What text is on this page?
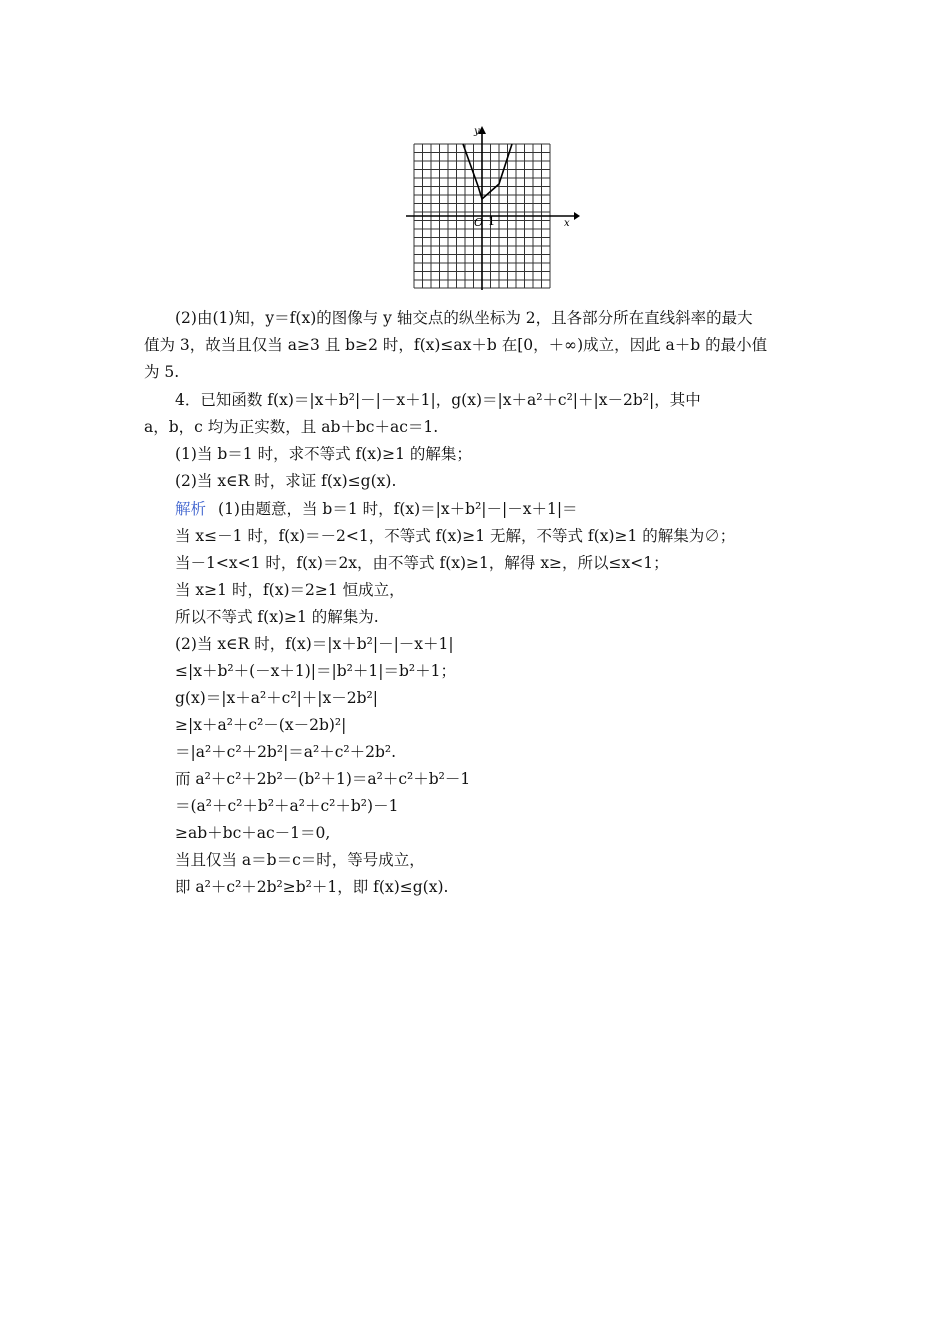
y
x
O 1
(2)由(1)知，y＝f(x)的图像与 y 轴交点的纵坐标为 2，且各部分所在直线斜率的最大
值为 3，故当且仅当 a≥3 且 b≥2 时，f(x)≤ax＋b 在[0，＋∞)成立，因此 a＋b 的最小值
为 5.
4．已知函数 f(x)＝|x＋b²|－|－x＋1|，g(x)＝|x＋a²＋c²|＋|x－2b²|，其中
a，b，c 均为正实数，且 ab＋bc＋ac＝1.
(1)当 b＝1 时，求不等式 f(x)≥1 的解集；
(2)当 x∈R 时，求证 f(x)≤g(x).
解析 (1)由题意，当 b＝1 时，f(x)＝|x＋b²|－|－x＋1|＝
当 x≤－1 时，f(x)＝－2<1，不等式 f(x)≥1 无解，不等式 f(x)≥1 的解集为∅；
当－1<x<1 时，f(x)＝2x，由不等式 f(x)≥1，解得 x≥，所以≤x<1；
当 x≥1 时，f(x)＝2≥1 恒成立，
所以不等式 f(x)≥1 的解集为.
(2)当 x∈R 时，f(x)＝|x＋b²|－|－x＋1|
≤|x＋b²＋(－x＋1)|＝|b²＋1|＝b²＋1；
g(x)＝|x＋a²＋c²|＋|x－2b²|
≥|x＋a²＋c²－(x－2b)²|
＝|a²＋c²＋2b²|＝a²＋c²＋2b².
而 a²＋c²＋2b²－(b²＋1)＝a²＋c²＋b²－1
＝(a²＋c²＋b²＋a²＋c²＋b²)－1
≥ab＋bc＋ac－1＝0,
当且仅当 a＝b＝c＝时，等号成立，
即 a²＋c²＋2b²≥b²＋1，即 f(x)≤g(x).
